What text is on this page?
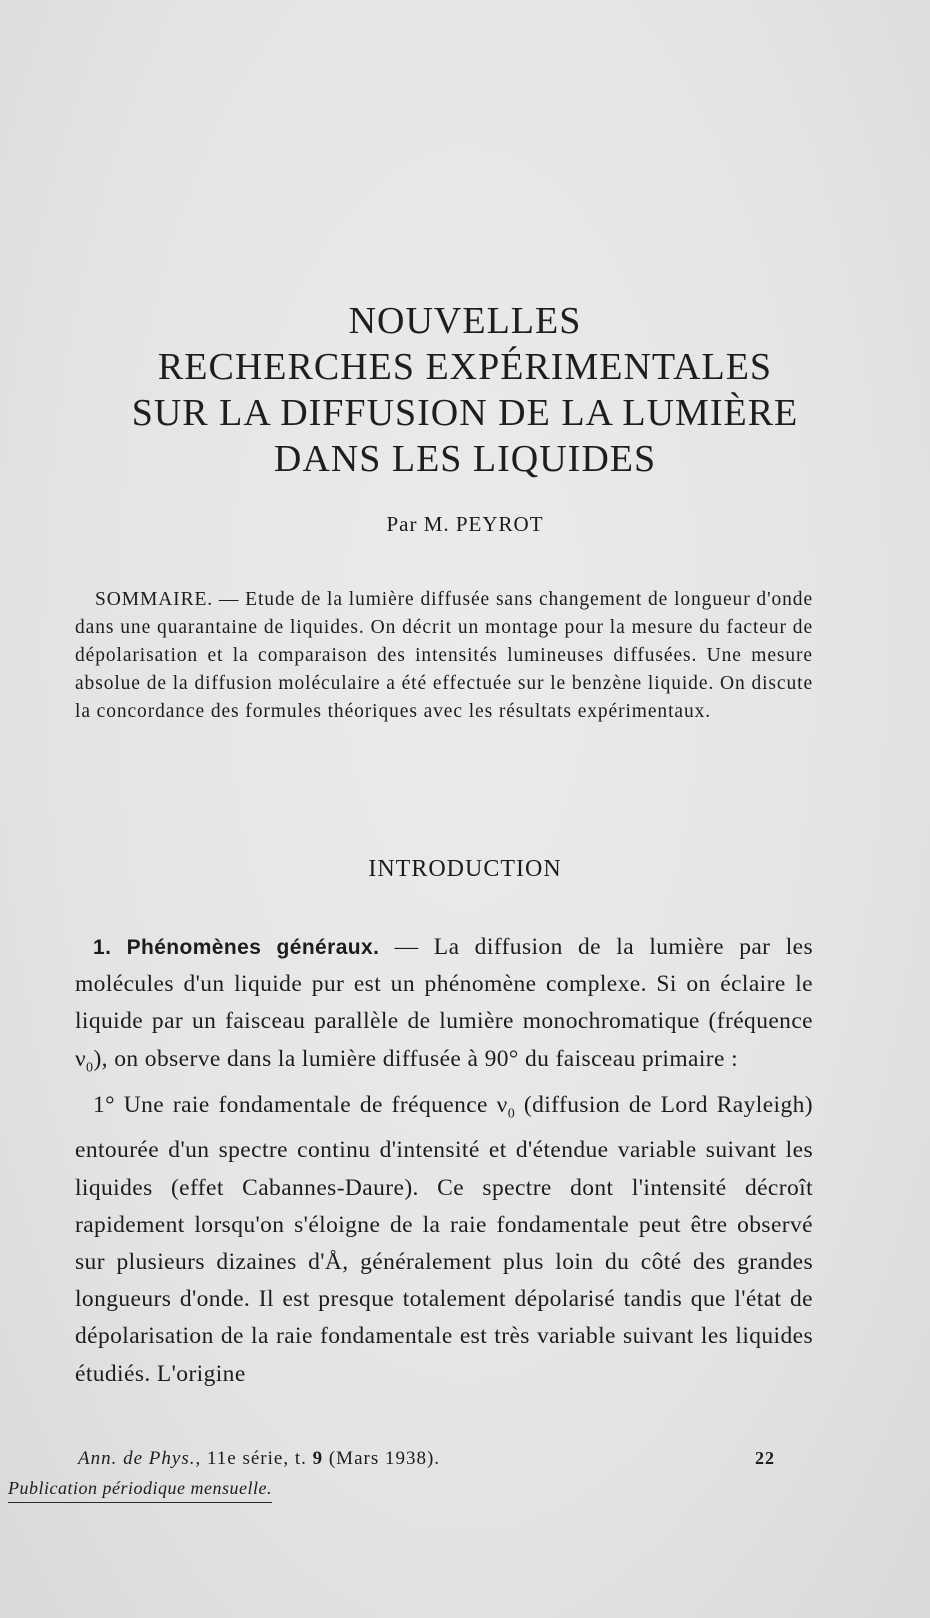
NOUVELLES
RECHERCHES EXPÉRIMENTALES
SUR LA DIFFUSION DE LA LUMIÈRE
DANS LES LIQUIDES
Par M. PEYROT
SOMMAIRE. — Etude de la lumière diffusée sans changement de longueur d'onde dans une quarantaine de liquides. On décrit un montage pour la mesure du facteur de dépolarisation et la comparaison des intensités lumineuses diffusées. Une mesure absolue de la diffusion moléculaire a été effectuée sur le benzène liquide. On discute la concordance des formules théoriques avec les résultats expérimentaux.
INTRODUCTION

1. Phénomènes généraux. — La diffusion de la lumière par les molécules d'un liquide pur est un phénomène complexe. Si on éclaire le liquide par un faisceau parallèle de lumière monochromatique (fréquence $\nu_0$), on observe dans la lumière diffusée à 90° du faisceau primaire :

1° Une raie fondamentale de fréquence $\nu_0$ (diffusion de Lord Rayleigh) entourée d'un spectre continu d'intensité et d'étendue variable suivant les liquides (effet Cabannes-Daure). Ce spectre dont l'intensité décroît rapidement lorsqu'on s'éloigne de la raie fondamentale peut être observé sur plusieurs dizaines d'Å, généralement plus loin du côté des grandes longueurs d'onde. Il est presque totalement dépolarisé tandis que l'état de dépolarisation de la raie fondamentale est très variable suivant les liquides étudiés. L'origine

Ann. de Phys., 11e série, t. 9 (Mars 1938).	22
Publication périodique mensuelle.
